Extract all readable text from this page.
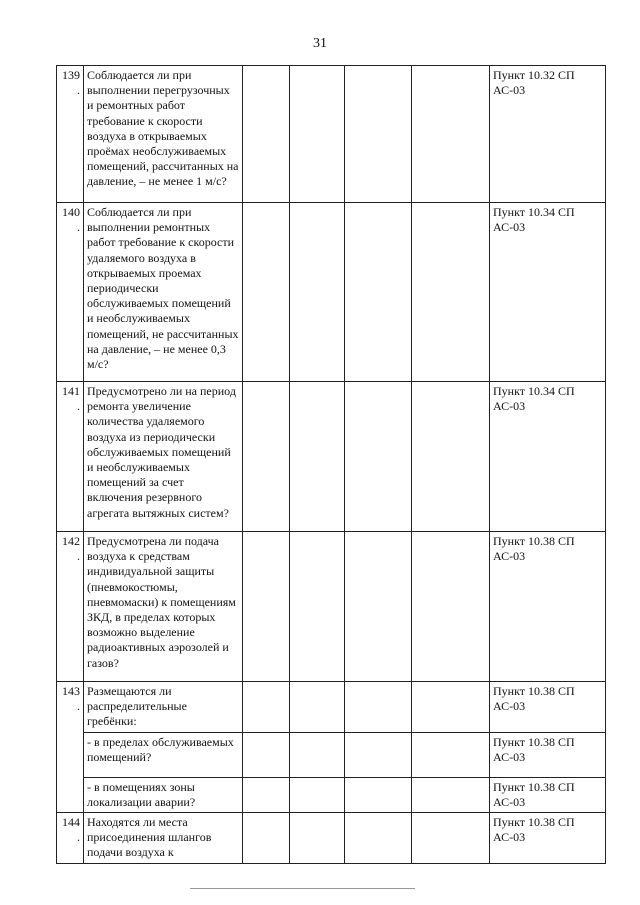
31
139.	Соблюдается ли при выполнении перегрузочных и ремонтных работ требование к скорости воздуха в открываемых проёмах необслуживаемых помещений, рассчитанных на давление, – не менее 1 м/с?					Пункт 10.32 СП АС-03
140.	Соблюдается ли при выполнении ремонтных работ требование к скорости удаляемого воздуха в открываемых проемах периодически обслуживаемых помещений и необслуживаемых помещений, не рассчитанных на давление, – не менее 0,3 м/с?					Пункт 10.34 СП АС-03
141.	Предусмотрено ли на период ремонта увеличение количества удаляемого воздуха из периодически обслуживаемых помещений и необслуживаемых помещений за счет включения резервного агрегата вытяжных систем?					Пункт 10.34 СП АС-03
142.	Предусмотрена ли подача воздуха к средствам индивидуальной защиты (пневмокостюмы, пневмомаски) к помещениям ЗКД, в пределах которых возможно выделение радиоактивных аэрозолей и газов?					Пункт 10.38 СП АС-03
143.	Размещаются ли распределительные гребёнки:					Пункт 10.38 СП АС-03
	- в пределах обслуживаемых помещений?					Пункт 10.38 СП АС-03
	- в помещениях зоны локализации аварии?					Пункт 10.38 СП АС-03
144.	Находятся ли места присоединения шлангов подачи воздуха к					Пункт 10.38 СП АС-03
